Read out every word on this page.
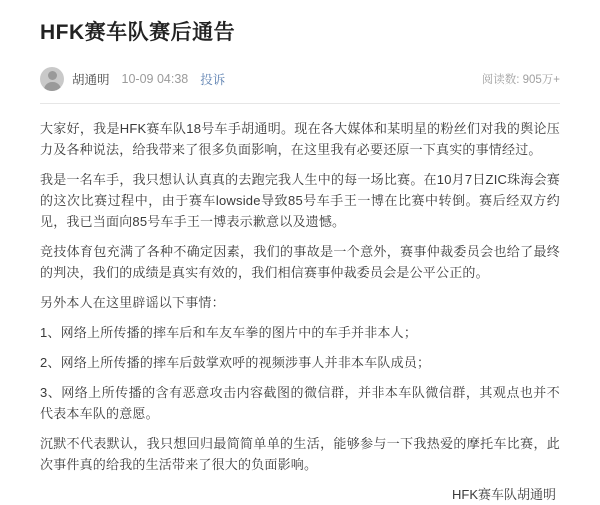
HFK赛车队赛后通告
胡通明 10-09 04:38 投诉	阅读数: 905万+

大家好，我是HFK赛车队18号车手胡通明。现在各大媒体和某明星的粉丝们对我的舆论压力及各种说法，给我带来了很多负面影响，在这里我有必要还原一下真实的事情经过。

我是一名车手，我只想认认真真的去跑完我人生中的每一场比赛。在10月7日ZIC珠海会赛的这次比赛过程中，由于赛车lowside导致85号车手王一博在比赛中转倒。赛后经双方约见，我已当面向85号车手王一博表示歉意以及遗憾。

竞技体育包充满了各种不确定因素，我们的事故是一个意外，赛事仲裁委员会也给了最终的判决，我们的成绩是真实有效的，我们相信赛事仲裁委员会是公平公正的。

另外本人在这里辟谣以下事情：

1、网络上所传播的摔车后和车友车拳的图片中的车手并非本人；

2、网络上所传播的摔车后鼓掌欢呼的视频涉事人并非本车队成员；

3、网络上所传播的含有恶意攻击内容截图的微信群，并非本车队微信群，其观点也并不代表本车队的意愿。

沉默不代表默认，我只想回归最简简单单的生活，能够参与一下我热爱的摩托车比赛，此次事件真的给我的生活带来了很大的负面影响。

HFK赛车队胡通明
